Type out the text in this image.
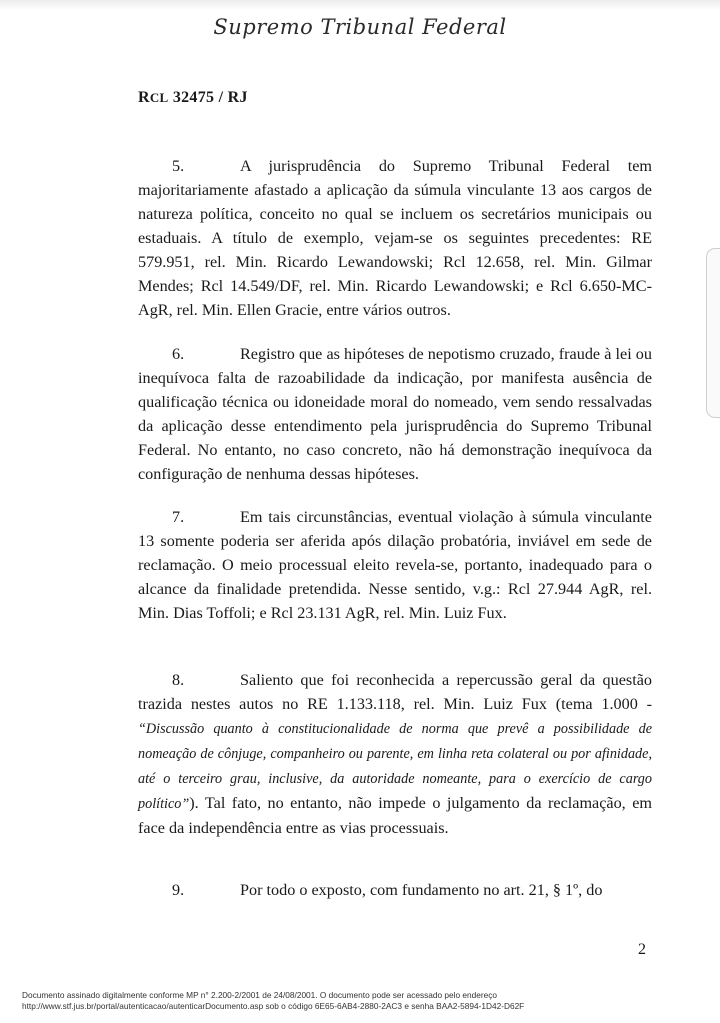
Supremo Tribunal Federal
RCL 32475 / RJ
5.	A jurisprudência do Supremo Tribunal Federal tem majoritariamente afastado a aplicação da súmula vinculante 13 aos cargos de natureza política, conceito no qual se incluem os secretários municipais ou estaduais. A título de exemplo, vejam-se os seguintes precedentes: RE 579.951, rel. Min. Ricardo Lewandowski; Rcl 12.658, rel. Min. Gilmar Mendes; Rcl 14.549/DF, rel. Min. Ricardo Lewandowski; e Rcl 6.650-MC-AgR, rel. Min. Ellen Gracie, entre vários outros.
6.	Registro que as hipóteses de nepotismo cruzado, fraude à lei ou inequívoca falta de razoabilidade da indicação, por manifesta ausência de qualificação técnica ou idoneidade moral do nomeado, vem sendo ressalvadas da aplicação desse entendimento pela jurisprudência do Supremo Tribunal Federal. No entanto, no caso concreto, não há demonstração inequívoca da configuração de nenhuma dessas hipóteses.
7.	Em tais circunstâncias, eventual violação à súmula vinculante 13 somente poderia ser aferida após dilação probatória, inviável em sede de reclamação. O meio processual eleito revela-se, portanto, inadequado para o alcance da finalidade pretendida. Nesse sentido, v.g.: Rcl 27.944 AgR, rel. Min. Dias Toffoli; e Rcl 23.131 AgR, rel. Min. Luiz Fux.
8.	Saliento que foi reconhecida a repercussão geral da questão trazida nestes autos no RE 1.133.118, rel. Min. Luiz Fux (tema 1.000 - “Discussão quanto à constitucionalidade de norma que prevê a possibilidade de nomeação de cônjuge, companheiro ou parente, em linha reta colateral ou por afinidade, até o terceiro grau, inclusive, da autoridade nomeante, para o exercício de cargo político”). Tal fato, no entanto, não impede o julgamento da reclamação, em face da independência entre as vias processuais.
9.	Por todo o exposto, com fundamento no art. 21, § 1º, do
2
Documento assinado digitalmente conforme MP n° 2.200-2/2001 de 24/08/2001. O documento pode ser acessado pelo endereço
http://www.stf.jus.br/portal/autenticacao/autenticarDocumento.asp sob o código 6E65-6AB4-2880-2AC3 e senha BAA2-5894-1D42-D62F
